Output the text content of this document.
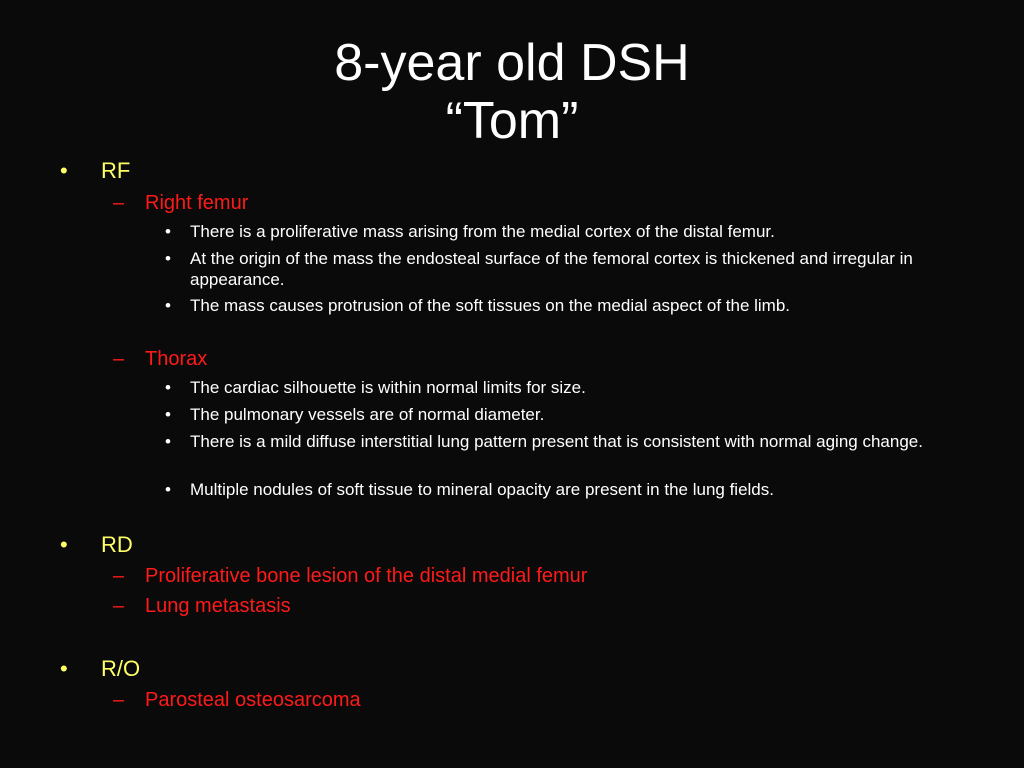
8-year old DSH
“Tom”
• RF
– Right femur
• There is a proliferative mass arising from the medial cortex of the distal femur.
• At the origin of the mass the endosteal surface of the femoral cortex is thickened and irregular in appearance.
• The mass causes protrusion of the soft tissues on the medial aspect of the limb.
– Thorax
• The cardiac silhouette is within normal limits for size.
• The pulmonary vessels are of normal diameter.
• There is a mild diffuse interstitial lung pattern present that is consistent with normal aging change.
• Multiple nodules of soft tissue to mineral opacity are present in the lung fields.
• RD
– Proliferative bone lesion of the distal medial femur
– Lung metastasis
• R/O
– Parosteal osteosarcoma
